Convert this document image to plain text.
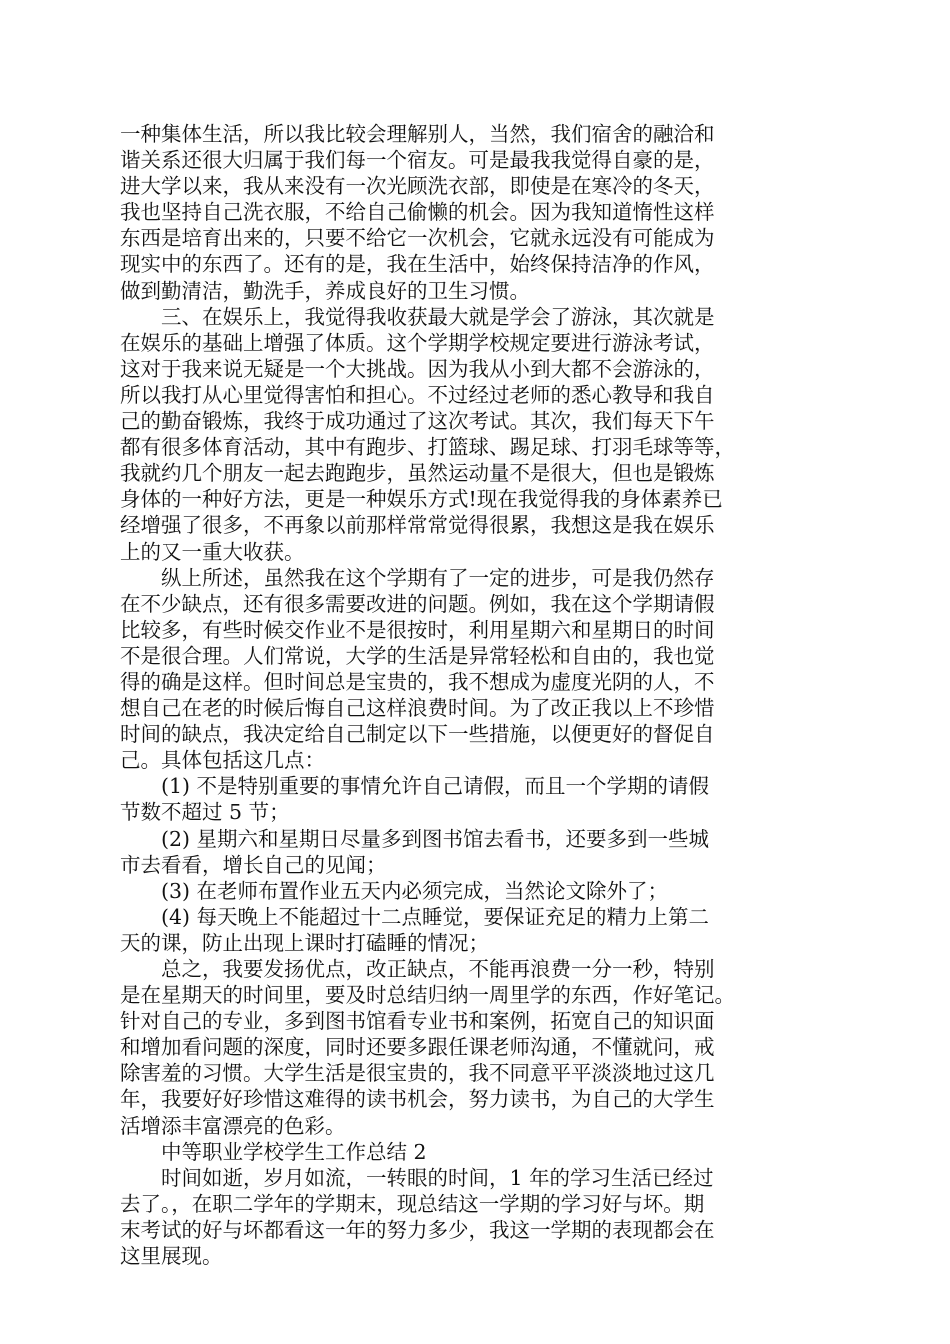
一种集体生活，所以我比较会理解别人，当然，我们宿舍的融洽和
谐关系还很大归属于我们每一个宿友。可是最我我觉得自豪的是，
进大学以来，我从来没有一次光顾洗衣部，即使是在寒冷的冬天，
我也坚持自己洗衣服，不给自己偷懒的机会。因为我知道惰性这样
东西是培育出来的，只要不给它一次机会，它就永远没有可能成为
现实中的东西了。还有的是，我在生活中，始终保持洁净的作风，
做到勤清洁，勤洗手，养成良好的卫生习惯。

三、在娱乐上，我觉得我收获最大就是学会了游泳，其次就是
在娱乐的基础上增强了体质。这个学期学校规定要进行游泳考试，
这对于我来说无疑是一个大挑战。因为我从小到大都不会游泳的，
所以我打从心里觉得害怕和担心。不过经过老师的悉心教导和我自
己的勤奋锻炼，我终于成功通过了这次考试。其次，我们每天下午
都有很多体育活动，其中有跑步、打篮球、踢足球、打羽毛球等等，
我就约几个朋友一起去跑跑步，虽然运动量不是很大，但也是锻炼
身体的一种好方法，更是一种娱乐方式!现在我觉得我的身体素养已
经增强了很多，不再象以前那样常常觉得很累，我想这是我在娱乐
上的又一重大收获。

纵上所述，虽然我在这个学期有了一定的进步，可是我仍然存
在不少缺点，还有很多需要改进的问题。例如，我在这个学期请假
比较多，有些时候交作业不是很按时，利用星期六和星期日的时间
不是很合理。人们常说，大学的生活是异常轻松和自由的，我也觉
得的确是这样。但时间总是宝贵的，我不想成为虚度光阴的人，不
想自己在老的时候后悔自己这样浪费时间。为了改正我以上不珍惜
时间的缺点，我决定给自己制定以下一些措施，以便更好的督促自
己。具体包括这几点：

(1) 不是特别重要的事情允许自己请假，而且一个学期的请假
节数不超过 5 节；

(2) 星期六和星期日尽量多到图书馆去看书，还要多到一些城
市去看看，增长自己的见闻；

(3) 在老师布置作业五天内必须完成，当然论文除外了；

(4) 每天晚上不能超过十二点睡觉，要保证充足的精力上第二
天的课，防止出现上课时打磕睡的情况；

总之，我要发扬优点，改正缺点，不能再浪费一分一秒，特别
是在星期天的时间里，要及时总结归纳一周里学的东西，作好笔记。
针对自己的专业，多到图书馆看专业书和案例，拓宽自己的知识面
和增加看问题的深度，同时还要多跟任课老师沟通，不懂就问，戒
除害羞的习惯。大学生活是很宝贵的，我不同意平平淡淡地过这几
年，我要好好珍惜这难得的读书机会，努力读书，为自己的大学生
活增添丰富漂亮的色彩。

中等职业学校学生工作总结 2

时间如逝，岁月如流，一转眼的时间，1 年的学习生活已经过
去了。，在职二学年的学期末，现总结这一学期的学习好与坏。期
末考试的好与坏都看这一年的努力多少，我这一学期的表现都会在
这里展现。
